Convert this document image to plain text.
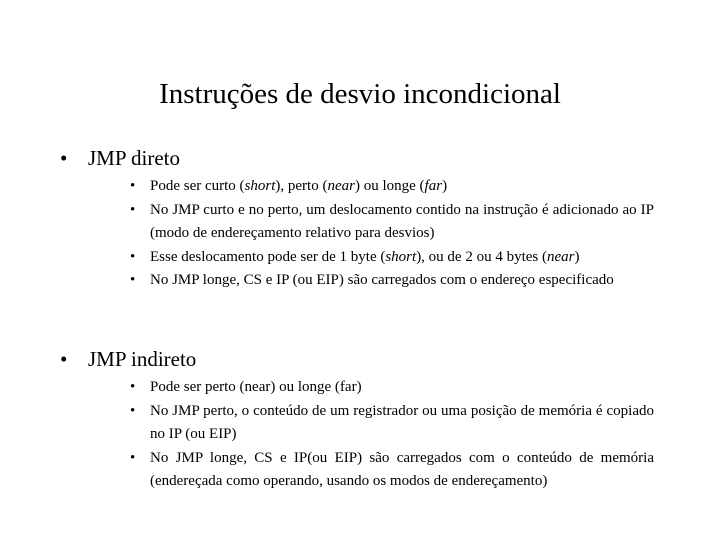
Instruções de desvio incondicional
• JMP direto
• Pode ser curto (short), perto (near) ou longe (far)
• No JMP curto e no perto, um deslocamento contido na instrução é adicionado ao IP (modo de endereçamento relativo para desvios)
• Esse deslocamento pode ser de 1 byte (short), ou de 2 ou 4 bytes (near)
• No JMP longe, CS e IP (ou EIP) são carregados com o endereço especificado
• JMP indireto
• Pode ser perto (near) ou longe (far)
• No JMP perto, o conteúdo de um registrador ou uma posição de memória é copiado no IP (ou EIP)
• No JMP longe, CS e IP(ou EIP) são carregados com o conteúdo de memória (endereçada como operando, usando os modos de endereçamento)
